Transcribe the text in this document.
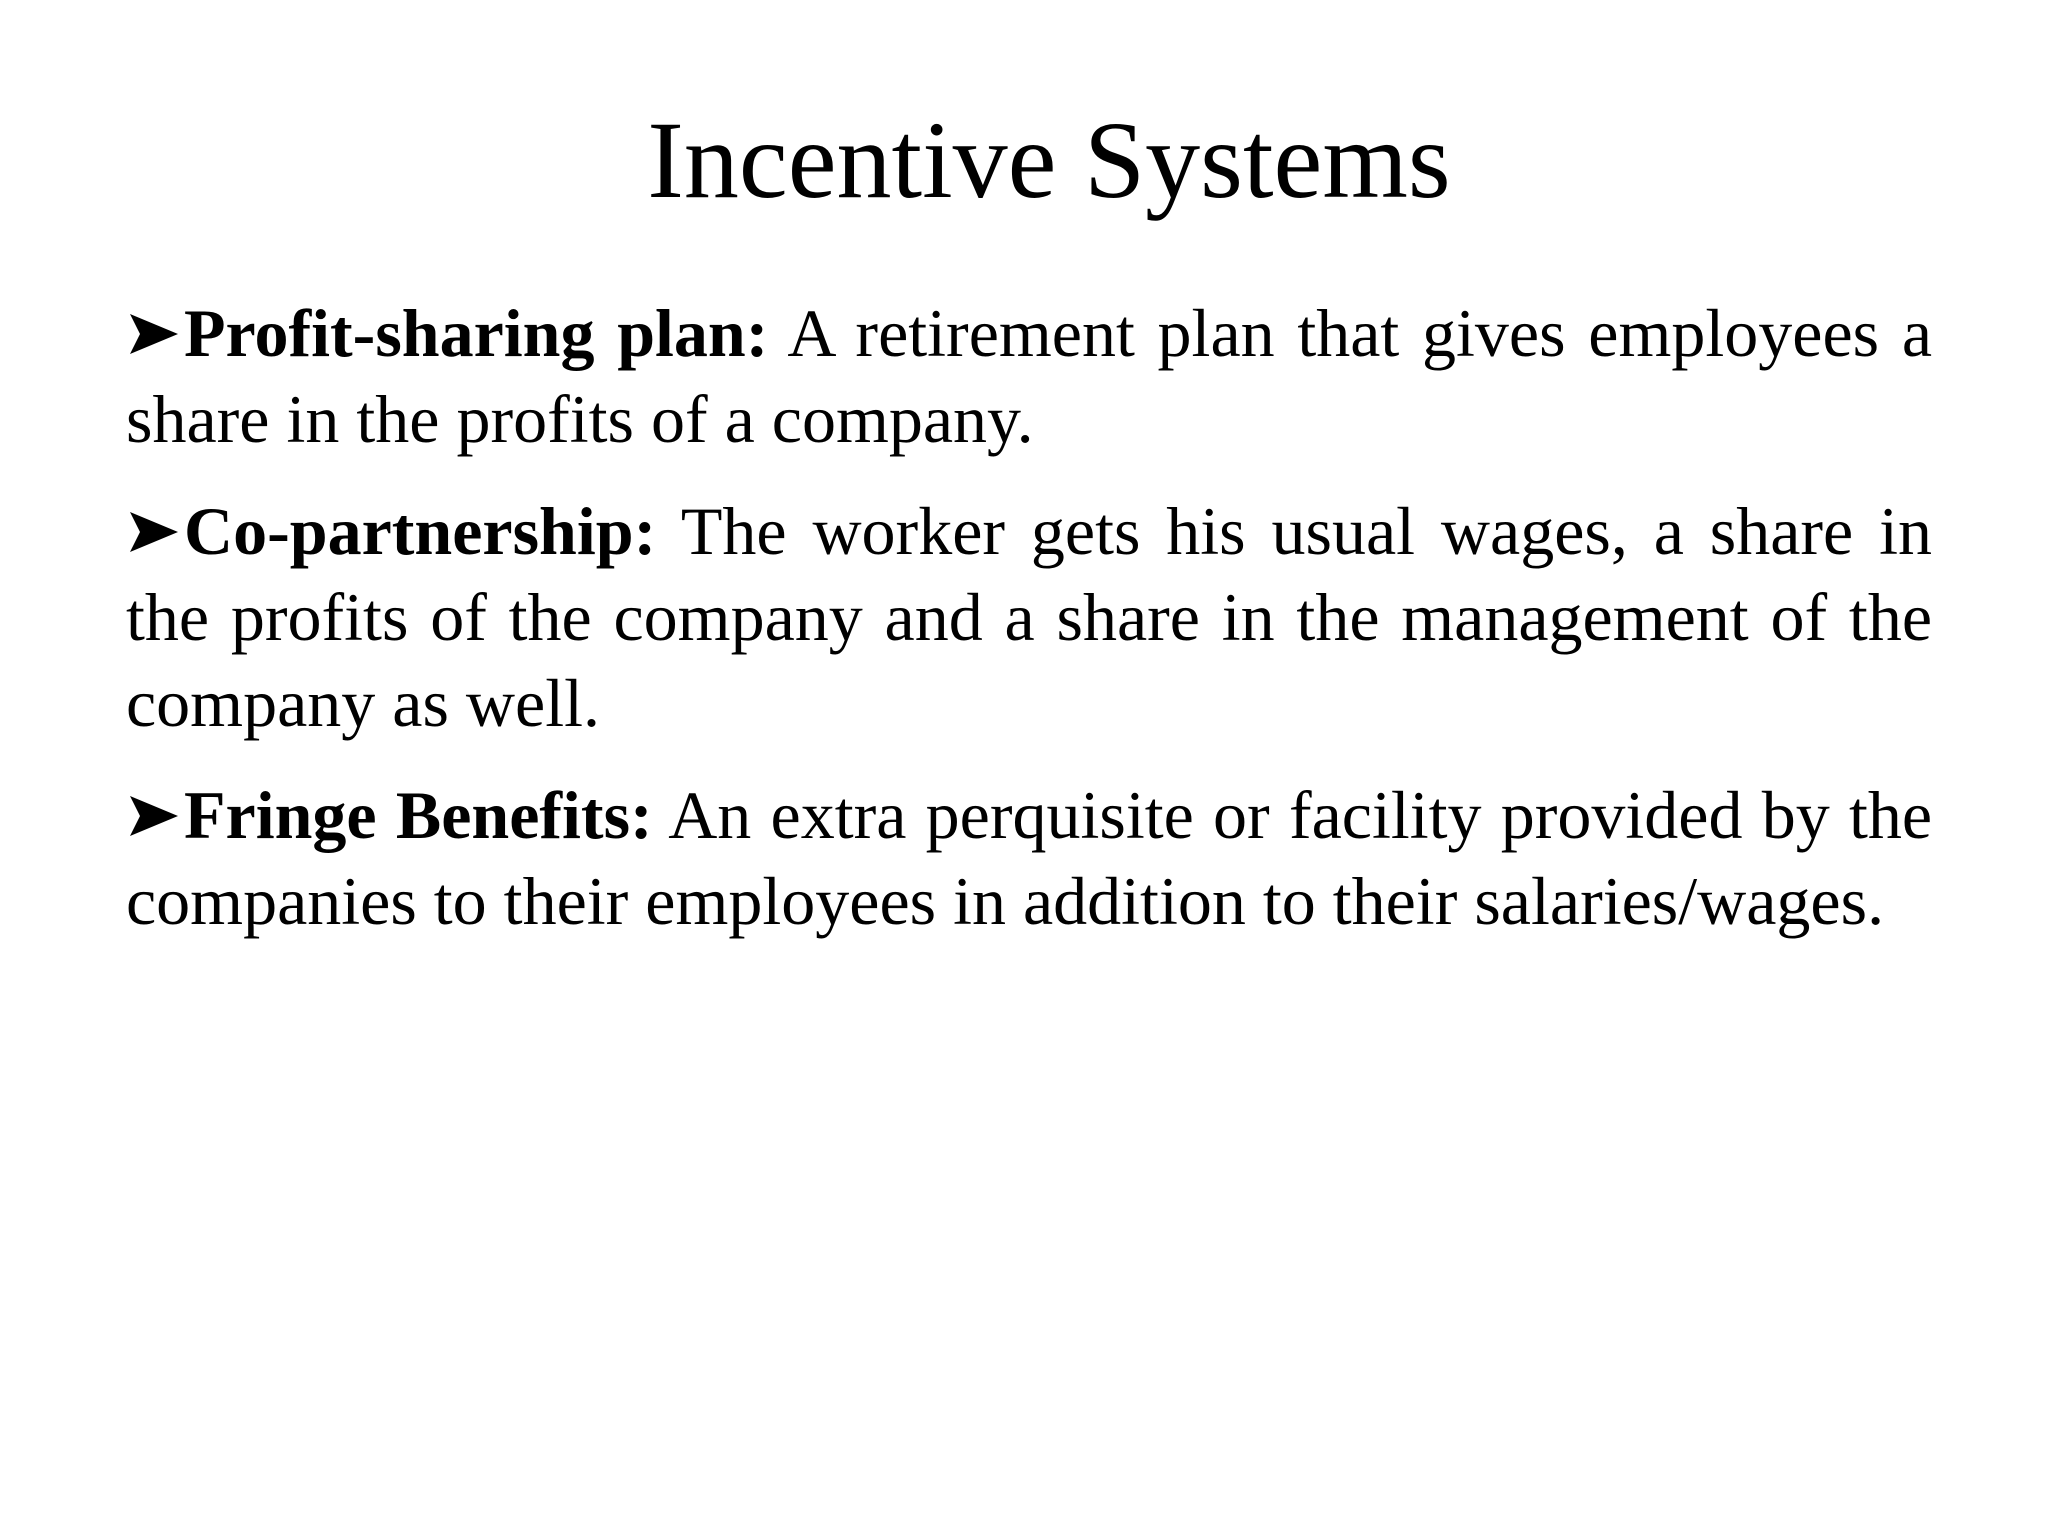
Incentive Systems

Profit-sharing plan: A retirement plan that gives employees a share in the profits of a company.

Co-partnership: The worker gets his usual wages, a share in the profits of the company and a share in the management of the company as well.

Fringe Benefits: An extra perquisite or facility provided by the companies to their employees in addition to their salaries/wages.
